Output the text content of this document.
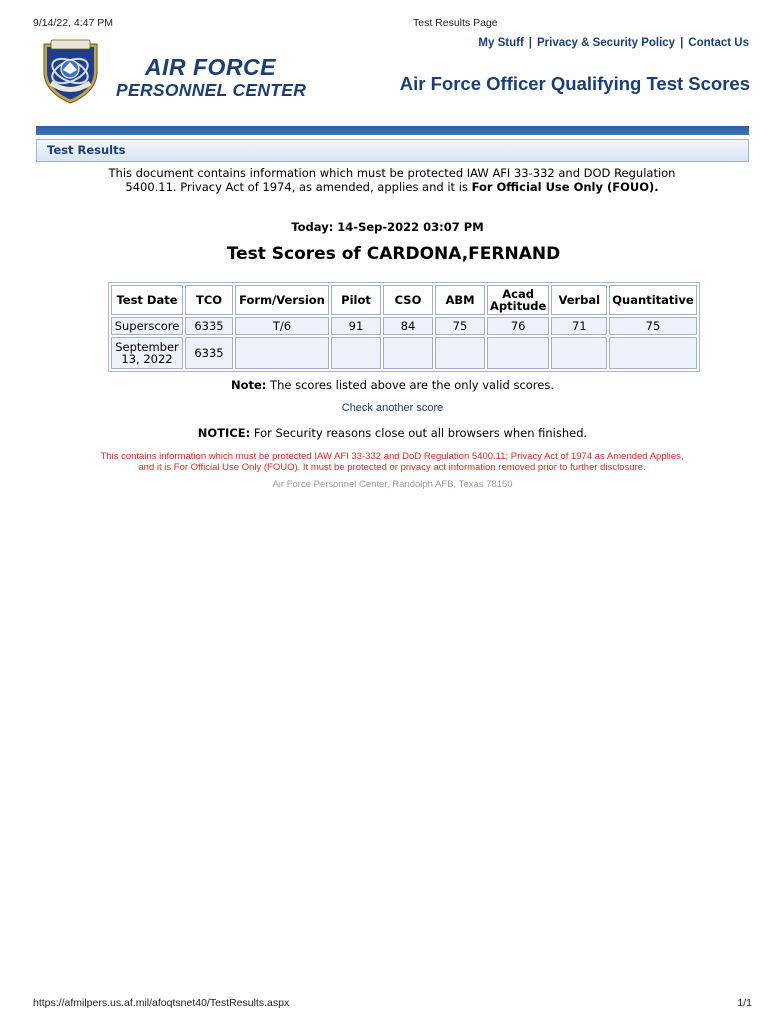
9/14/22, 4:47 PM	Test Results Page
My Stuff | Privacy & Security Policy | Contact Us
AIR FORCE
PERSONNEL CENTER	Air Force Officer Qualifying Test Scores
Test Results
This document contains information which must be protected IAW AFI 33-332 and DOD Regulation 5400.11. Privacy Act of 1974, as amended, applies and it is For Official Use Only (FOUO).
Today: 14-Sep-2022 03:07 PM
Test Scores of CARDONA,FERNAND
Test Date	TCO	Form/Version	Pilot	CSO	ABM	Acad Aptitude	Verbal	Quantitative
Superscore	6335	T/6	91	84	75	76	71	75
September 13, 2022	6335							
Note: The scores listed above are the only valid scores.
Check another score
NOTICE: For Security reasons close out all browsers when finished.
This contains information which must be protected IAW AFI 33-332 and DoD Regulation 5400.11; Privacy Act of 1974 as Amended Applies, and it is For Official Use Only (FOUO). It must be protected or privacy act information removed prior to further disclosure.
Air Force Personnel Center, Randolph AFB, Texas 78150
https://afmilpers.us.af.mil/afoqtsnet40/TestResults.aspx	1/1
